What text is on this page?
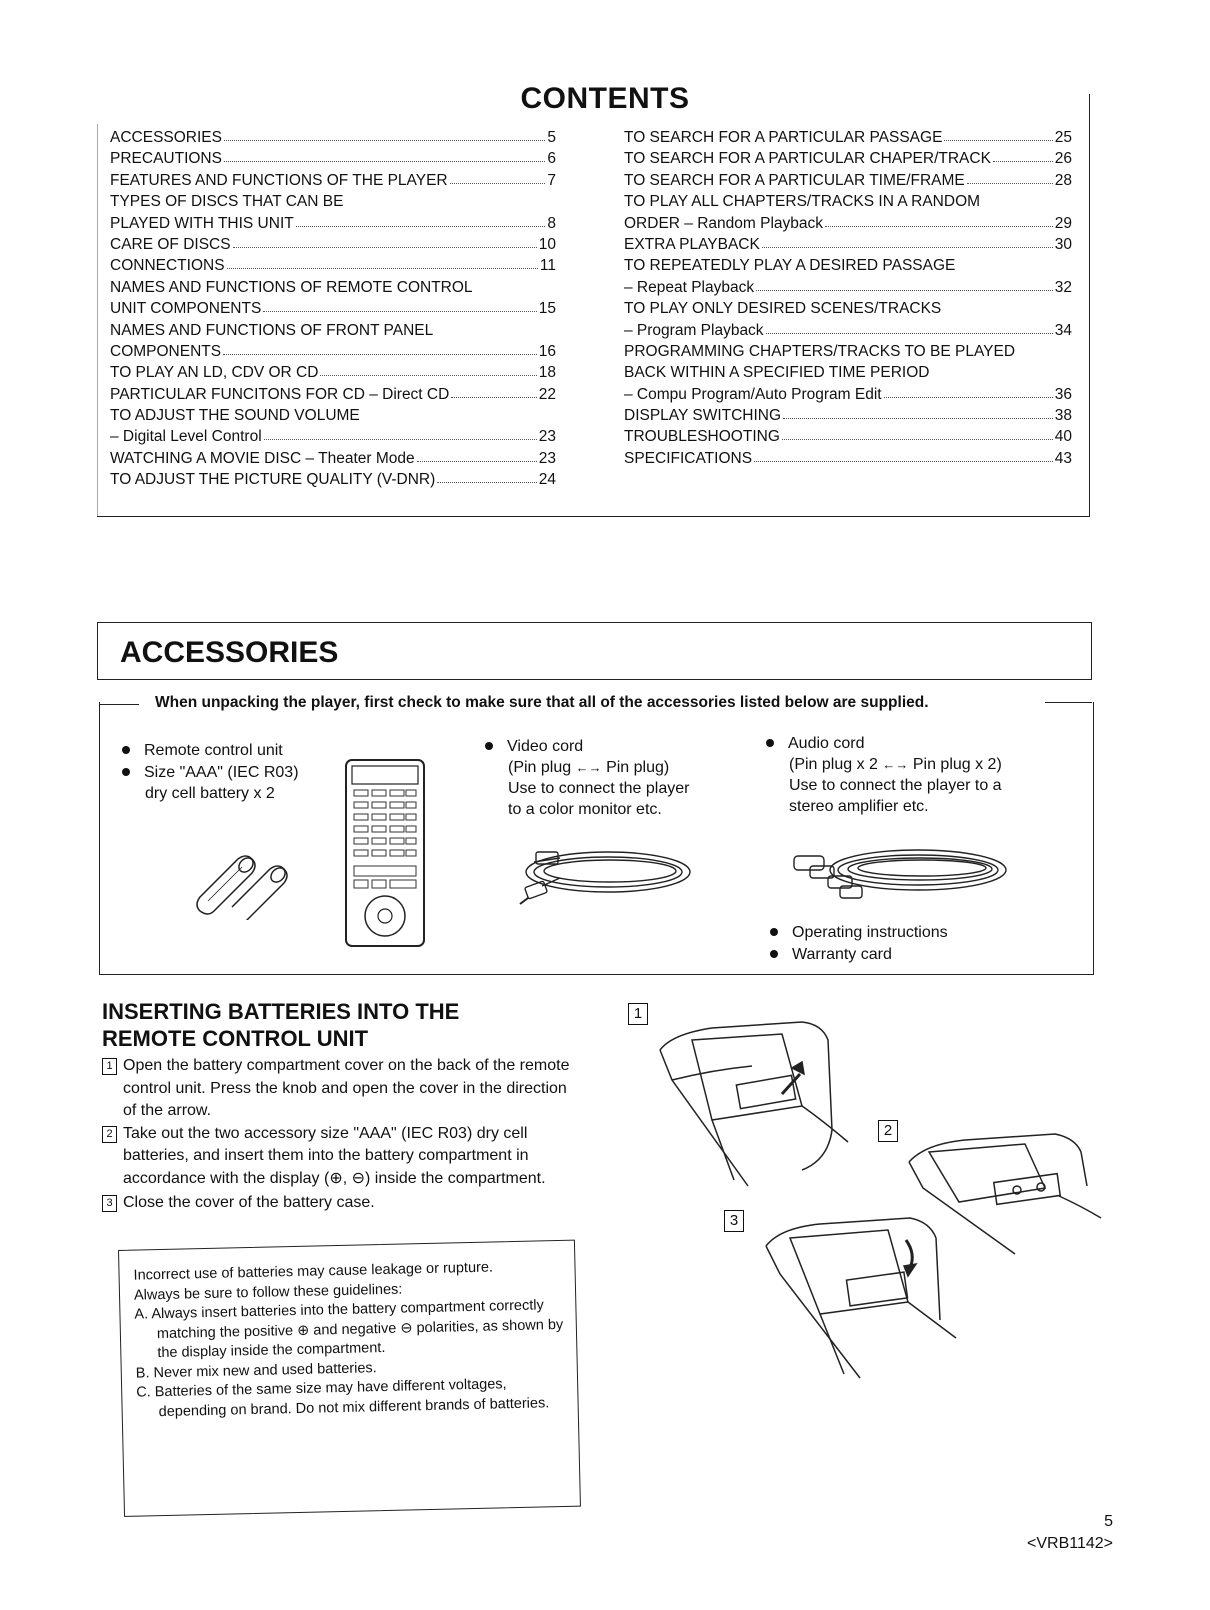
CONTENTS
ACCESSORIES	5
PRECAUTIONS	6
FEATURES AND FUNCTIONS OF THE PLAYER	7
TYPES OF DISCS THAT CAN BE
PLAYED WITH THIS UNIT	8
CARE OF DISCS	10
CONNECTIONS	11
NAMES AND FUNCTIONS OF REMOTE CONTROL
UNIT COMPONENTS	15
NAMES AND FUNCTIONS OF FRONT PANEL
COMPONENTS	16
TO PLAY AN LD, CDV OR CD	18
PARTICULAR FUNCITONS FOR CD – Direct CD	22
TO ADJUST THE SOUND VOLUME
– Digital Level Control	23
WATCHING A MOVIE DISC – Theater Mode	23
TO ADJUST THE PICTURE QUALITY (V-DNR)	24
TO SEARCH FOR A PARTICULAR PASSAGE	25
TO SEARCH FOR A PARTICULAR CHAPER/TRACK	26
TO SEARCH FOR A PARTICULAR TIME/FRAME	28
TO PLAY ALL CHAPTERS/TRACKS IN A RANDOM
ORDER – Random Playback	29
EXTRA PLAYBACK	30
TO REPEATEDLY PLAY A DESIRED PASSAGE
– Repeat Playback	32
TO PLAY ONLY DESIRED SCENES/TRACKS
– Program Playback	34
PROGRAMMING CHAPTERS/TRACKS TO BE PLAYED
BACK WITHIN A SPECIFIED TIME PERIOD
– Compu Program/Auto Program Edit	36
DISPLAY SWITCHING	38
TROUBLESHOOTING	40
SPECIFICATIONS	43
ACCESSORIES
When unpacking the player, first check to make sure that all of the accessories listed below are supplied.
Remote control unit
Size "AAA" (IEC R03)
dry cell battery x 2
Video cord
(Pin plug ←→ Pin plug)
Use to connect the player
to a color monitor etc.
Audio cord
(Pin plug x 2 ←→ Pin plug x 2)
Use to connect the player to a
stereo amplifier etc.
Operating instructions
Warranty card
INSERTING BATTERIES INTO THE
REMOTE CONTROL UNIT
1 Open the battery compartment cover on the back of the remote control unit. Press the knob and open the cover in the direction of the arrow.
2 Take out the two accessory size "AAA" (IEC R03) dry cell batteries, and insert them into the battery compartment in accordance with the display (⊕, ⊖) inside the compartment.
3 Close the cover of the battery case.
Incorrect use of batteries may cause leakage or rupture.
Always be sure to follow these guidelines:
A. Always insert batteries into the battery compartment correctly matching the positive ⊕ and negative ⊖ polarities, as shown by the display inside the compartment.
B. Never mix new and used batteries.
C. Batteries of the same size may have different voltages, depending on brand. Do not mix different brands of batteries.
1
2
3
5
<VRB1142>
